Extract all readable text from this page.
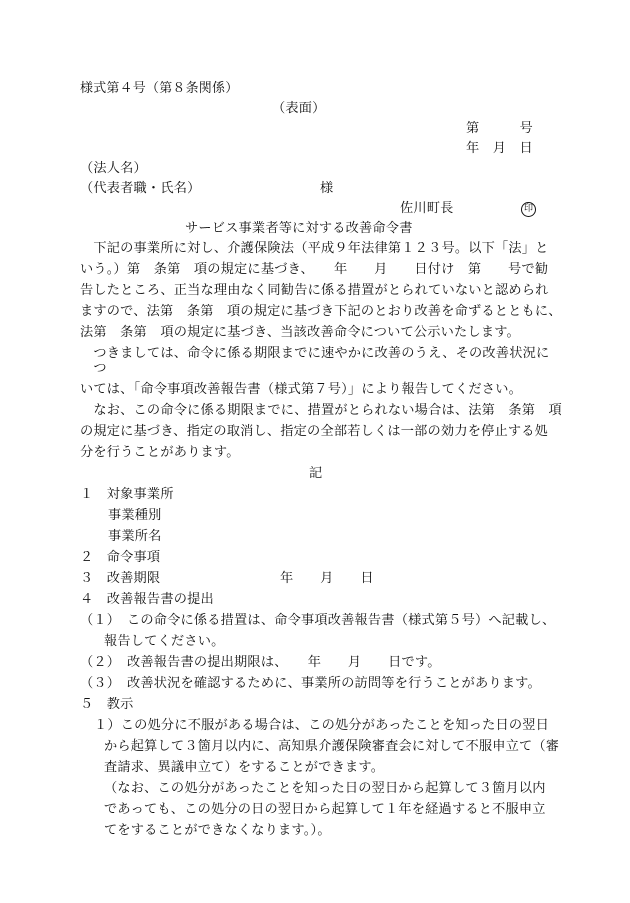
様式第４号（第８条関係）
（表面）
第　　　号
年　月　日
（法人名）
（代表者職・氏名）	様
佐川町長	印
サービス事業者等に対する改善命令書
　下記の事業所に対し、介護保険法（平成９年法律第１２３号。以下「法」と
いう。）第　条第　項の規定に基づき、　　年　　月　　日付け　第　　号で勧
告したところ、正当な理由なく同勧告に係る措置がとられていないと認められ
ますので、法第　条第　項の規定に基づき下記のとおり改善を命ずるとともに、
法第　条第　項の規定に基づき、当該改善命令について公示いたします。
　つきましては、命令に係る期限までに速やかに改善のうえ、その改善状況に
　つ
いては、「命令事項改善報告書（様式第７号）」により報告してください。
　なお、この命令に係る期限までに、措置がとられない場合は、法第　条第　項
の規定に基づき、指定の取消し、指定の全部若しくは一部の効力を停止する処
分を行うことがあります。
記
１　対象事業所
事業種別
事業所名
２　命令事項
３　改善期限	年　　月　　日
４　改善報告書の提出
（１）　この命令に係る措置は、命令事項改善報告書（様式第５号）へ記載し、
報告してください。
（２）　改善報告書の提出期限は、　　年　　月　　日です。
（３）　改善状況を確認するために、事業所の訪問等を行うことがあります。
５　教示
１）この処分に不服がある場合は、この処分があったことを知った日の翌日
から起算して３箇月以内に、高知県介護保険審査会に対して不服申立て（審
査請求、異議申立て）をすることができます。
（なお、この処分があったことを知った日の翌日から起算して３箇月以内
であっても、この処分の日の翌日から起算して１年を経過すると不服申立
てをすることができなくなります。）。
